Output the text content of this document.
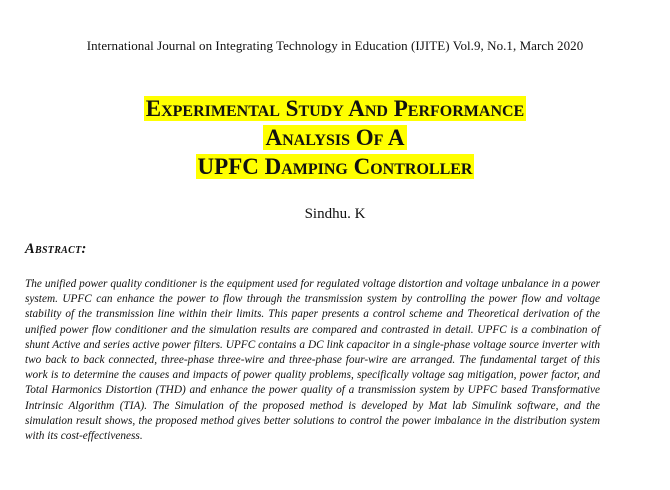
International Journal on Integrating Technology in Education (IJITE) Vol.9, No.1, March 2020
Experimental Study And Performance
Analysis Of A
UPFC Damping Controller
Sindhu. K
Abstract:
The unified power quality conditioner is the equipment used for regulated voltage distortion and voltage unbalance in a power system. UPFC can enhance the power to flow through the transmission system by controlling the power flow and voltage stability of the transmission line within their limits. This paper presents a control scheme and Theoretical derivation of the unified power flow conditioner and the simulation results are compared and contrasted in detail. UPFC is a combination of shunt Active and series active power filters. UPFC contains a DC link capacitor in a single-phase voltage source inverter with two back to back connected, three-phase three-wire and three-phase four-wire are arranged. The fundamental target of this work is to determine the causes and impacts of power quality problems, specifically voltage sag mitigation, power factor, and Total Harmonics Distortion (THD) and enhance the power quality of a transmission system by UPFC based Transformative Intrinsic Algorithm (TIA). The Simulation of the proposed method is developed by Mat lab Simulink software, and the simulation result shows, the proposed method gives better solutions to control the power imbalance in the distribution system with its cost-effectiveness.
